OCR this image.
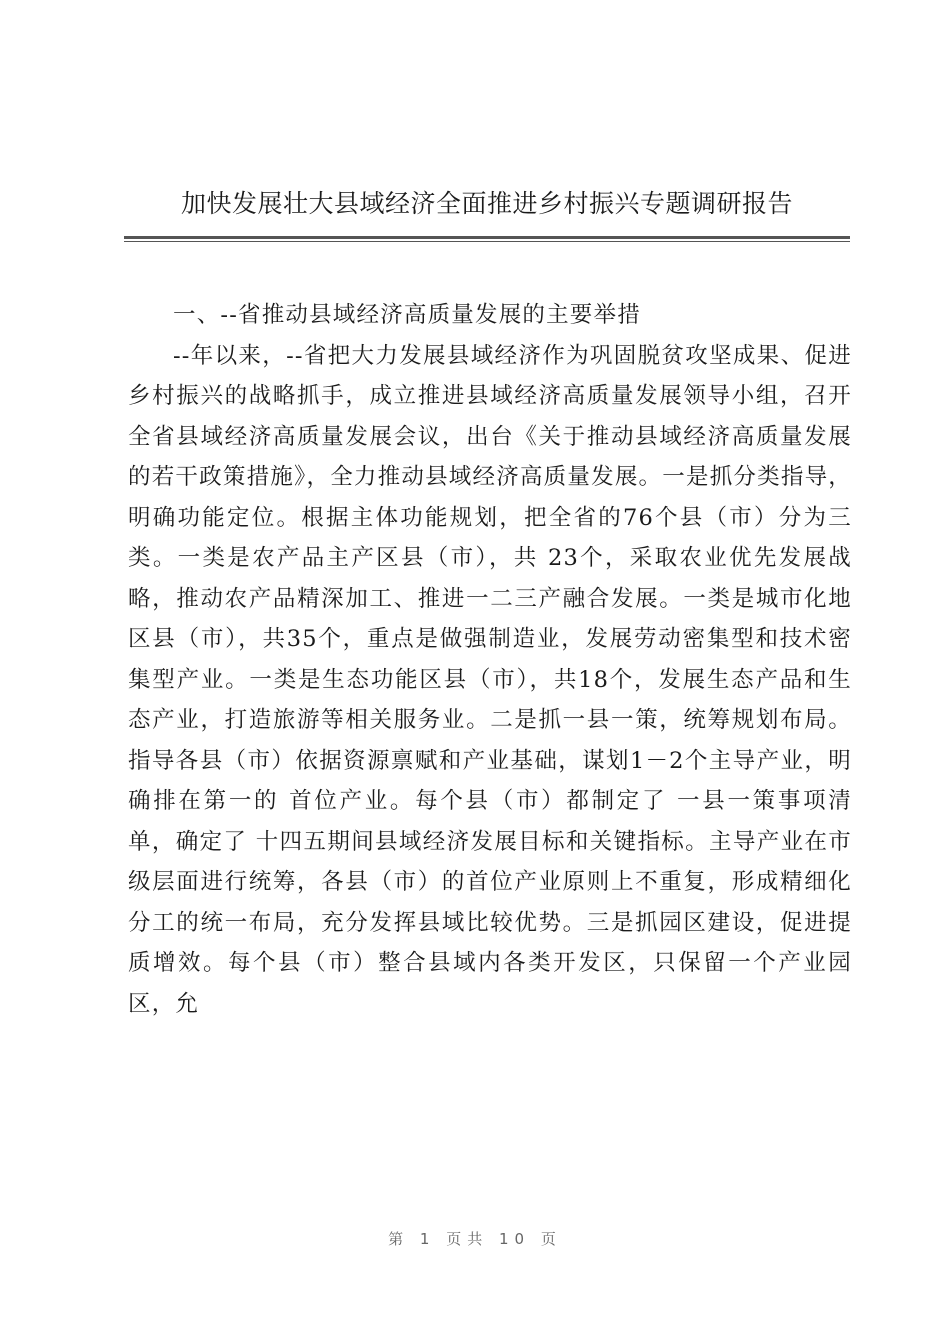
加快发展壮大县域经济全面推进乡村振兴专题调研报告

一、--省推动县域经济高质量发展的主要举措

--年以来，--省把大力发展县域经济作为巩固脱贫攻坚成果、促进乡村振兴的战略抓手，成立推进县域经济高质量发展领导小组，召开全省县域经济高质量发展会议，出台《关于推动县域经济高质量发展的若干政策措施》，全力推动县域经济高质量发展。一是抓分类指导，明确功能定位。根据主体功能规划，把全省的76个县（市）分为三类。一类是农产品主产区县（市），共 23个，采取农业优先发展战略，推动农产品精深加工、推进一二三产融合发展。一类是城市化地区县（市），共35个，重点是做强制造业，发展劳动密集型和技术密集型产业。一类是生态功能区县（市），共18个，发展生态产品和生态产业，打造旅游等相关服务业。二是抓一县一策，统筹规划布局。指导各县（市）依据资源禀赋和产业基础，谋划1－2个主导产业，明确排在第一的 首位产业。每个县（市）都制定了 一县一策事项清单，确定了 十四五期间县域经济发展目标和关键指标。主导产业在市级层面进行统筹，各县（市）的首位产业原则上不重复，形成精细化分工的统一布局，充分发挥县域比较优势。三是抓园区建设，促进提质增效。每个县（市）整合县域内各类开发区，只保留一个产业园区，允

第 1 页共 10 页
